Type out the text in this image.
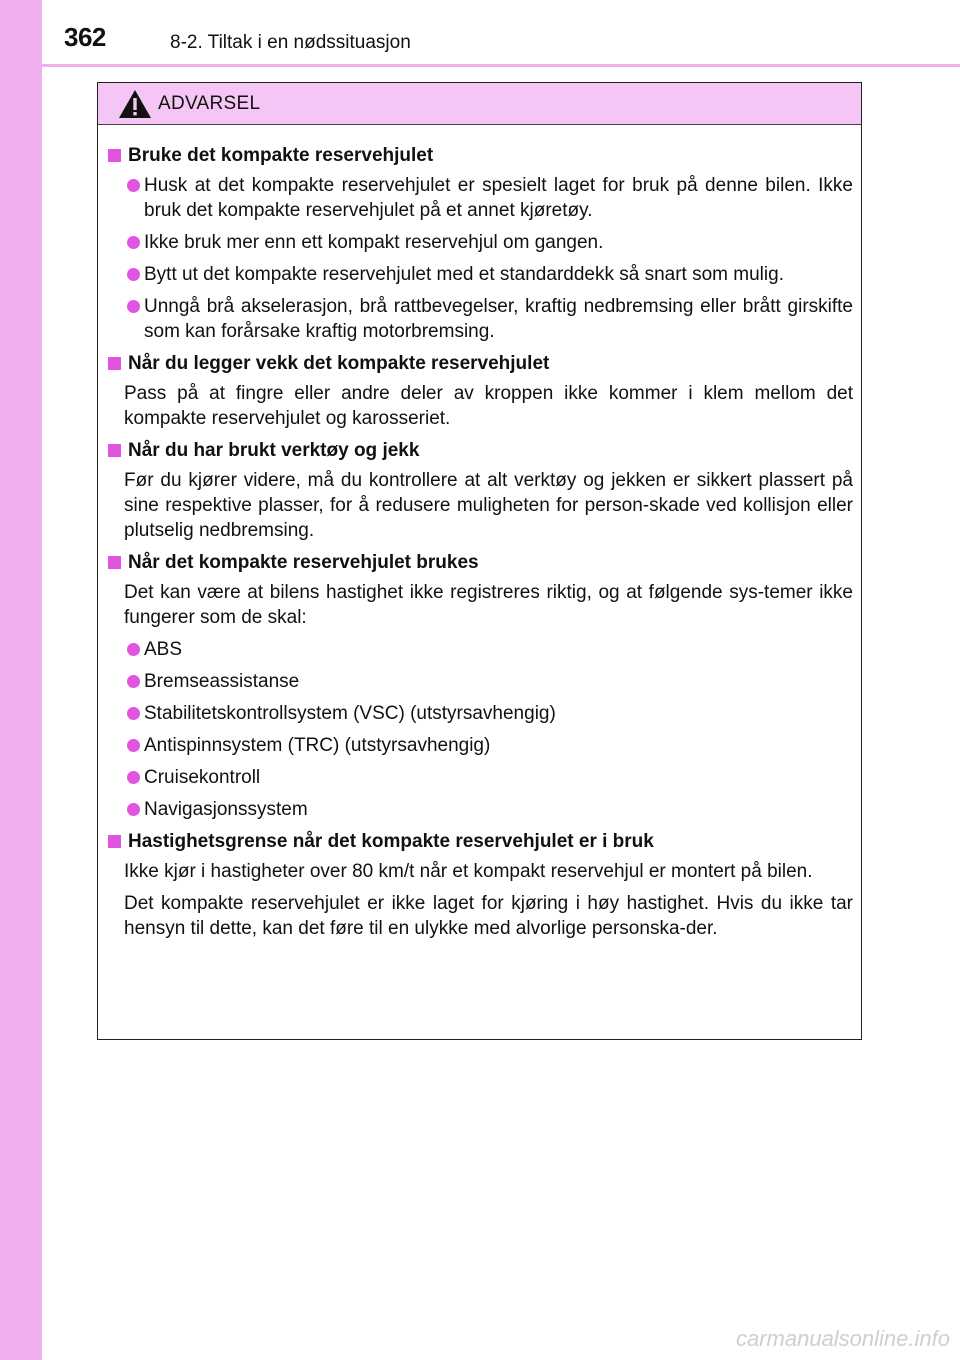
362	8-2. Tiltak i en nødssituasjon
ADVARSEL
Bruke det kompakte reservehjulet
Husk at det kompakte reservehjulet er spesielt laget for bruk på denne bilen. Ikke bruk det kompakte reservehjulet på et annet kjøretøy.
Ikke bruk mer enn ett kompakt reservehjul om gangen.
Bytt ut det kompakte reservehjulet med et standarddekk så snart som mulig.
Unngå brå akselerasjon, brå rattbevegelser, kraftig nedbremsing eller brått girskifte som kan forårsake kraftig motorbremsing.
Når du legger vekk det kompakte reservehjulet
Pass på at fingre eller andre deler av kroppen ikke kommer i klem mellom det kompakte reservehjulet og karosseriet.
Når du har brukt verktøy og jekk
Før du kjører videre, må du kontrollere at alt verktøy og jekken er sikkert plassert på sine respektive plasser, for å redusere muligheten for person-skade ved kollisjon eller plutselig nedbremsing.
Når det kompakte reservehjulet brukes
Det kan være at bilens hastighet ikke registreres riktig, og at følgende sys-temer ikke fungerer som de skal:
ABS
Bremseassistanse
Stabilitetskontrollsystem (VSC) (utstyrsavhengig)
Antispinnsystem (TRC) (utstyrsavhengig)
Cruisekontroll
Navigasjonssystem
Hastighetsgrense når det kompakte reservehjulet er i bruk
Ikke kjør i hastigheter over 80 km/t når et kompakt reservehjul er montert på bilen.
Det kompakte reservehjulet er ikke laget for kjøring i høy hastighet. Hvis du ikke tar hensyn til dette, kan det føre til en ulykke med alvorlige personska-der.
carmanualsonline.info
